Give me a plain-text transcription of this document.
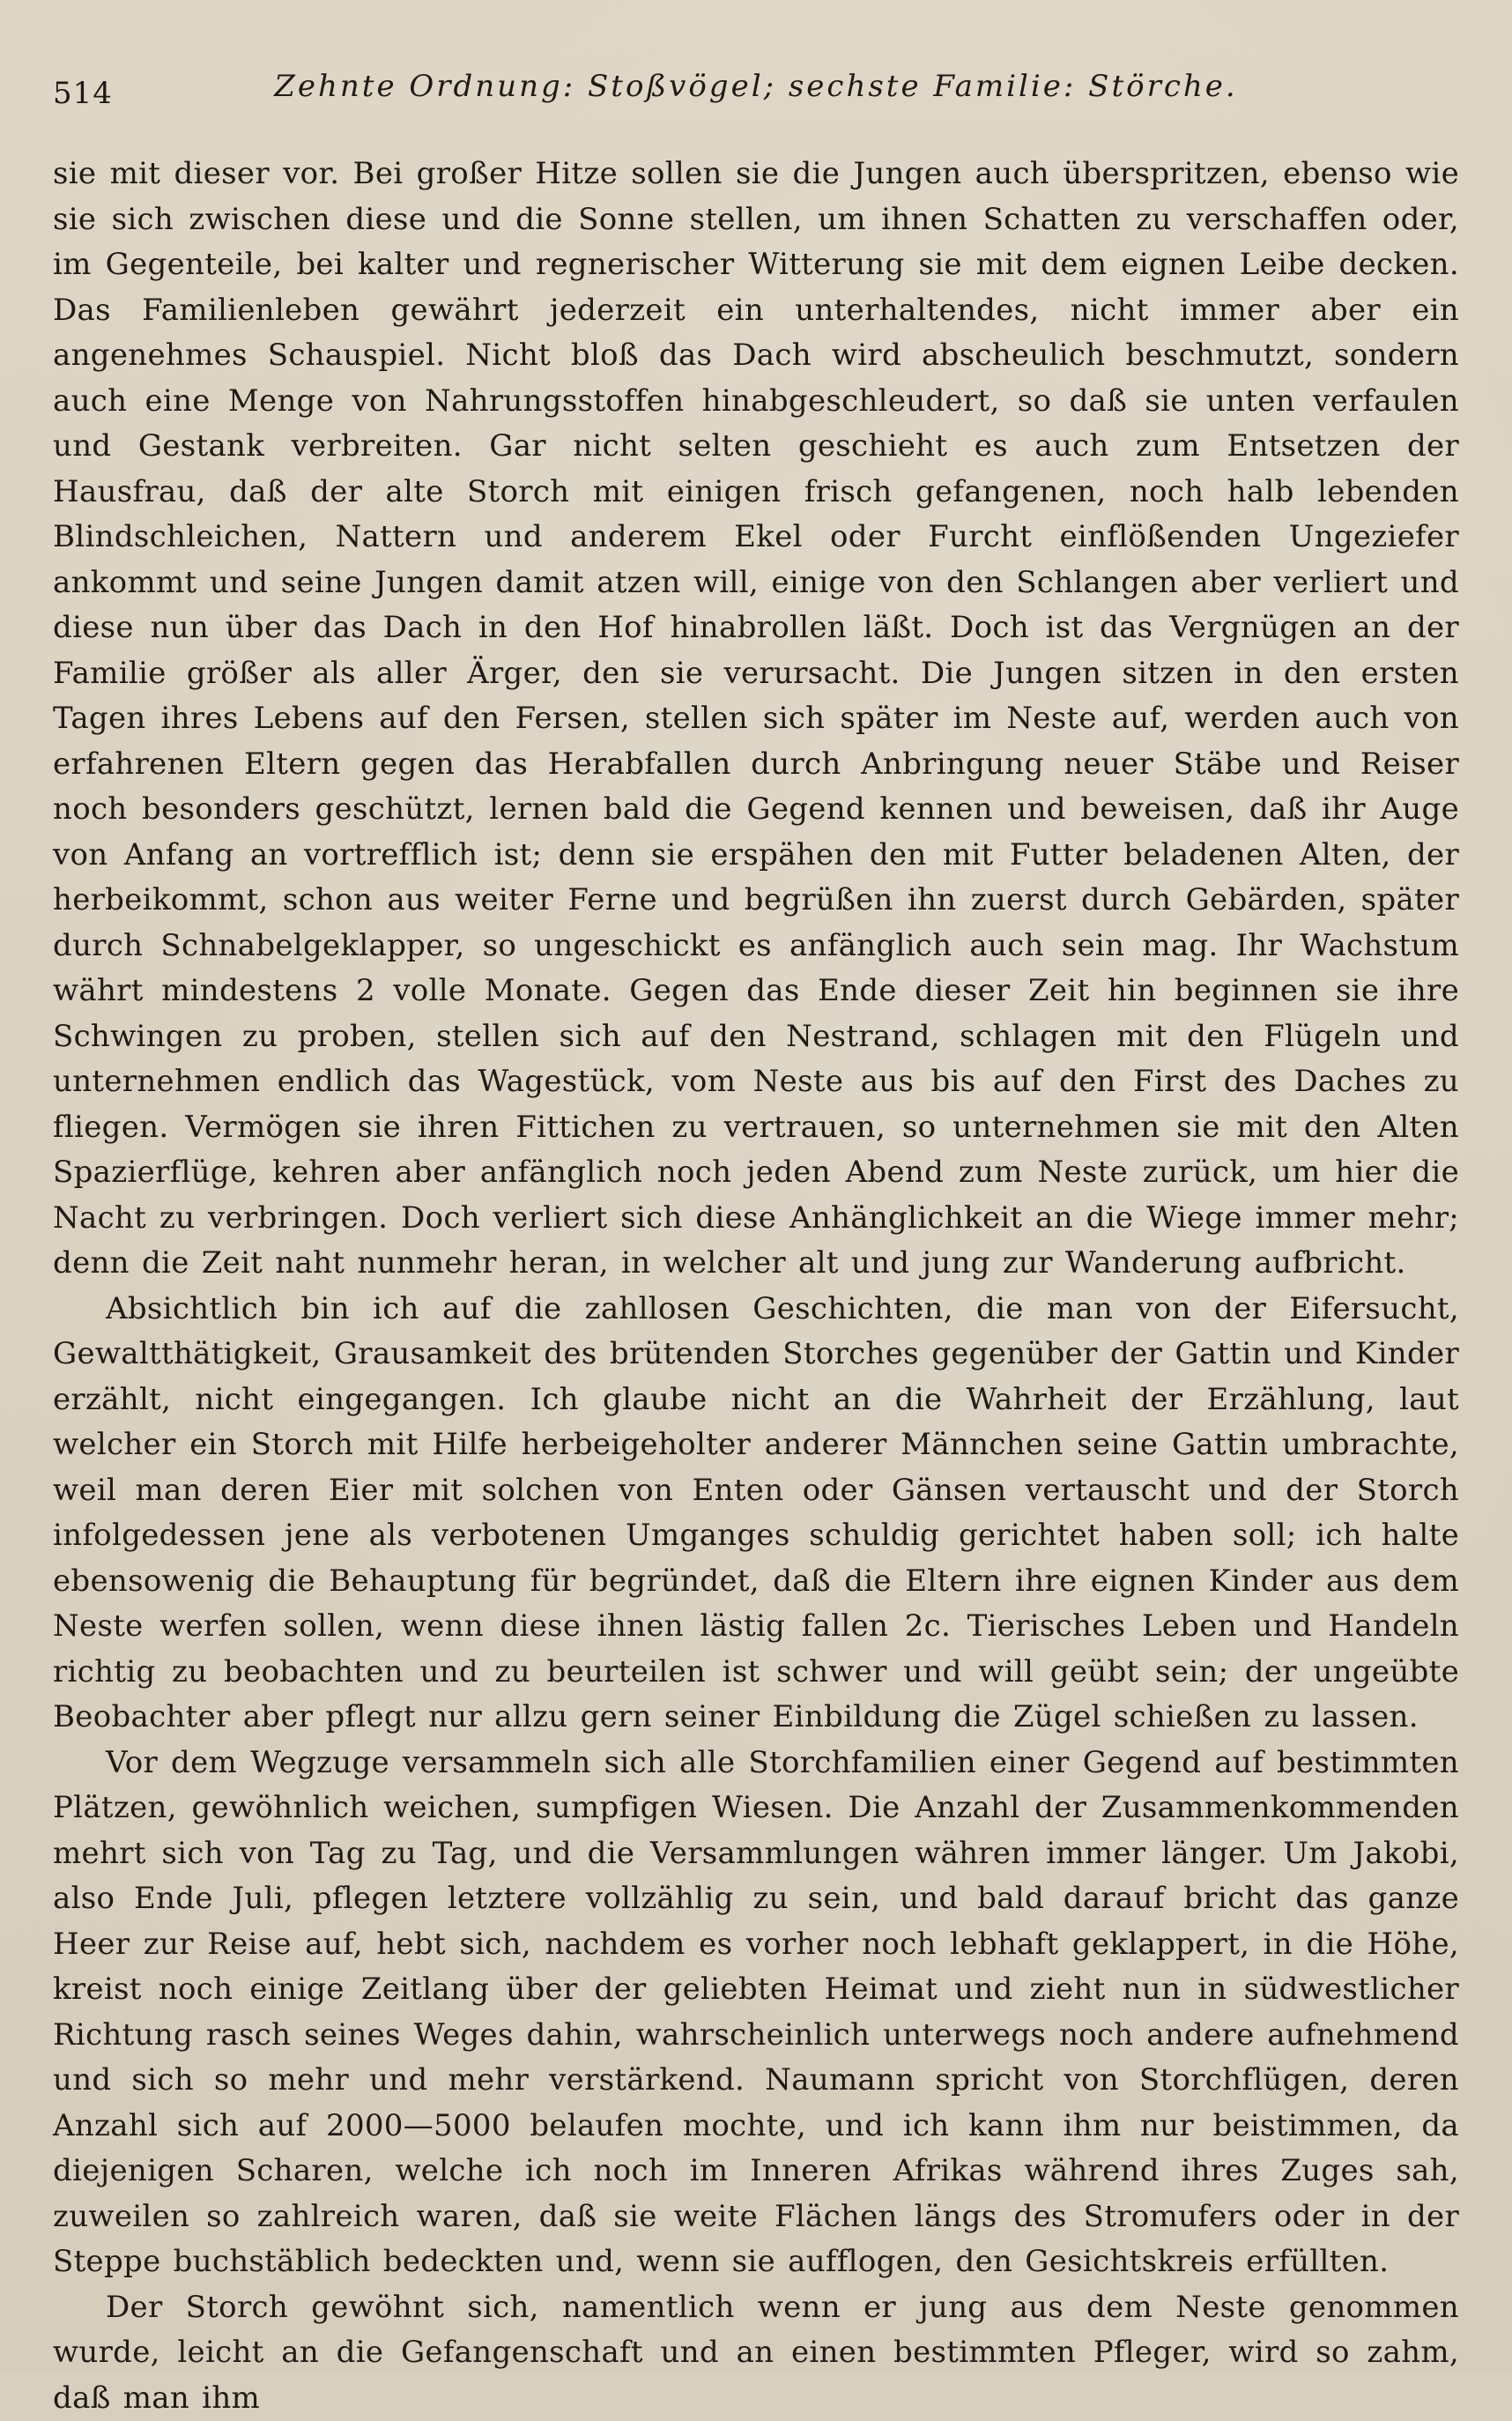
514	Zehnte Ordnung: Stoßvögel; sechste Familie: Störche.

sie mit dieser vor. Bei großer Hitze sollen sie die Jungen auch überspritzen, ebenso wie sie sich zwischen diese und die Sonne stellen, um ihnen Schatten zu verschaffen oder, im Gegenteile, bei kalter und regnerischer Witterung sie mit dem eignen Leibe decken. Das Familienleben gewährt jederzeit ein unterhaltendes, nicht immer aber ein angenehmes Schauspiel. Nicht bloß das Dach wird abscheulich beschmutzt, sondern auch eine Menge von Nahrungsstoffen hinabgeschleudert, so daß sie unten verfaulen und Gestank verbreiten. Gar nicht selten geschieht es auch zum Entsetzen der Hausfrau, daß der alte Storch mit einigen frisch gefangenen, noch halb lebenden Blindschleichen, Nattern und anderem Ekel oder Furcht einflößenden Ungeziefer ankommt und seine Jungen damit atzen will, einige von den Schlangen aber verliert und diese nun über das Dach in den Hof hinabrollen läßt. Doch ist das Vergnügen an der Familie größer als aller Ärger, den sie verursacht. Die Jungen sitzen in den ersten Tagen ihres Lebens auf den Fersen, stellen sich später im Neste auf, werden auch von erfahrenen Eltern gegen das Herabfallen durch Anbringung neuer Stäbe und Reiser noch besonders geschützt, lernen bald die Gegend kennen und beweisen, daß ihr Auge von Anfang an vortrefflich ist; denn sie erspähen den mit Futter beladenen Alten, der herbeikommt, schon aus weiter Ferne und begrüßen ihn zuerst durch Gebärden, später durch Schnabelgeklapper, so ungeschickt es anfänglich auch sein mag. Ihr Wachstum währt mindestens 2 volle Monate. Gegen das Ende dieser Zeit hin beginnen sie ihre Schwingen zu proben, stellen sich auf den Nestrand, schlagen mit den Flügeln und unternehmen endlich das Wagestück, vom Neste aus bis auf den First des Daches zu fliegen. Vermögen sie ihren Fittichen zu vertrauen, so unternehmen sie mit den Alten Spazierflüge, kehren aber anfänglich noch jeden Abend zum Neste zurück, um hier die Nacht zu verbringen. Doch verliert sich diese Anhänglichkeit an die Wiege immer mehr; denn die Zeit naht nunmehr heran, in welcher alt und jung zur Wanderung aufbricht.

Absichtlich bin ich auf die zahllosen Geschichten, die man von der Eifersucht, Gewaltthätigkeit, Grausamkeit des brütenden Storches gegenüber der Gattin und Kinder erzählt, nicht eingegangen. Ich glaube nicht an die Wahrheit der Erzählung, laut welcher ein Storch mit Hilfe herbeigeholter anderer Männchen seine Gattin umbrachte, weil man deren Eier mit solchen von Enten oder Gänsen vertauscht und der Storch infolgedessen jene als verbotenen Umganges schuldig gerichtet haben soll; ich halte ebensowenig die Behauptung für begründet, daß die Eltern ihre eignen Kinder aus dem Neste werfen sollen, wenn diese ihnen lästig fallen 2c. Tierisches Leben und Handeln richtig zu beobachten und zu beurteilen ist schwer und will geübt sein; der ungeübte Beobachter aber pflegt nur allzu gern seiner Einbildung die Zügel schießen zu lassen.

Vor dem Wegzuge versammeln sich alle Storchfamilien einer Gegend auf bestimmten Plätzen, gewöhnlich weichen, sumpfigen Wiesen. Die Anzahl der Zusammenkommenden mehrt sich von Tag zu Tag, und die Versammlungen währen immer länger. Um Jakobi, also Ende Juli, pflegen letztere vollzählig zu sein, und bald darauf bricht das ganze Heer zur Reise auf, hebt sich, nachdem es vorher noch lebhaft geklappert, in die Höhe, kreist noch einige Zeitlang über der geliebten Heimat und zieht nun in südwestlicher Richtung rasch seines Weges dahin, wahrscheinlich unterwegs noch andere aufnehmend und sich so mehr und mehr verstärkend. Naumann spricht von Storchflügen, deren Anzahl sich auf 2000—5000 belaufen mochte, und ich kann ihm nur beistimmen, da diejenigen Scharen, welche ich noch im Inneren Afrikas während ihres Zuges sah, zuweilen so zahlreich waren, daß sie weite Flächen längs des Stromufers oder in der Steppe buchstäblich bedeckten und, wenn sie aufflogen, den Gesichtskreis erfüllten.

Der Storch gewöhnt sich, namentlich wenn er jung aus dem Neste genommen wurde, leicht an die Gefangenschaft und an einen bestimmten Pfleger, wird so zahm, daß man ihm
